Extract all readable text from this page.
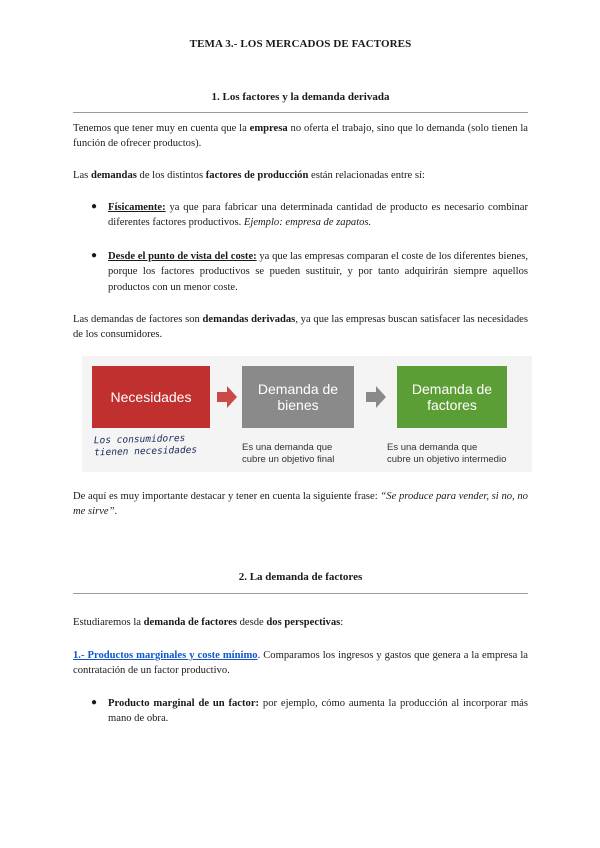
TEMA 3.- LOS MERCADOS DE FACTORES
1. Los factores y la demanda derivada

Tenemos que tener muy en cuenta que la empresa no oferta el trabajo, sino que lo demanda (solo tienen la función de ofrecer productos).

Las demandas de los distintos factores de producción están relacionadas entre sí:

● Físicamente: ya que para fabricar una determinada cantidad de producto es necesario combinar diferentes factores productivos. Ejemplo: empresa de zapatos.

● Desde el punto de vista del coste: ya que las empresas comparan el coste de los diferentes bienes, porque los factores productivos se pueden sustituir, y por tanto adquirirán siempre aquellos productos con un menor coste.

Las demandas de factores son demandas derivadas, ya que las empresas buscan satisfacer las necesidades de los consumidores.

De aquí es muy importante destacar y tener en cuenta la siguiente frase: “Se produce para vender, si no, no me sirve”.

2. La demanda de factores

Estudiaremos la demanda de factores desde dos perspectivas:

1.- Productos marginales y coste mínimo. Comparamos los ingresos y gastos que genera a la empresa la contratación de un factor productivo.

● Producto marginal de un factor: por ejemplo, cómo aumenta la producción al incorporar más mano de obra.

Necesidades	Demanda de bienes
Demanda de factores
Los consumidores
tienen necesidades	Es una demanda que
cubre un objetivo final
Es una demanda que
cubre un objetivo intermedio
